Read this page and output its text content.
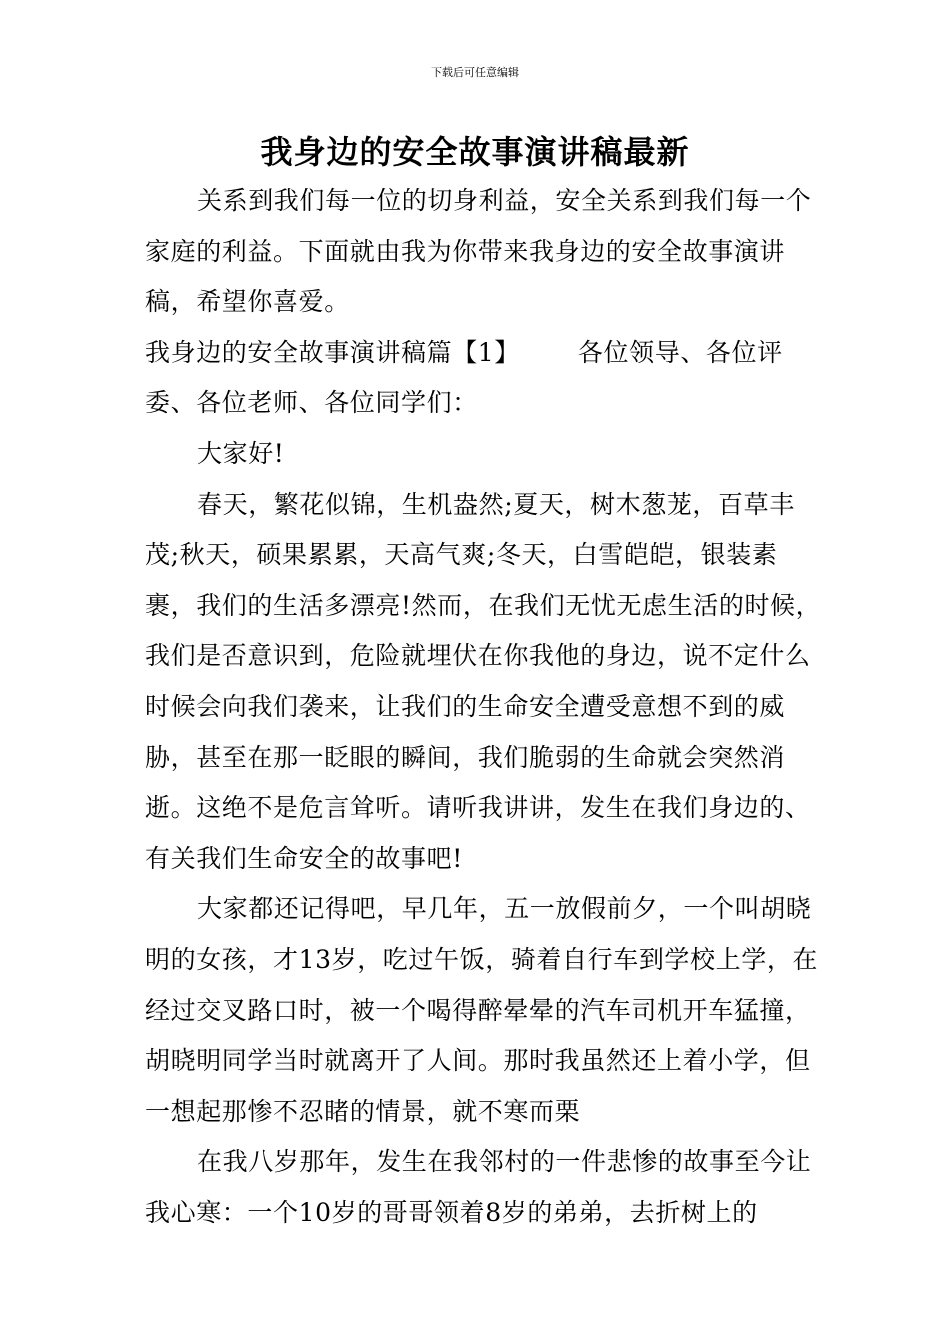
下载后可任意编辑
我身边的安全故事演讲稿最新

关系到我们每一位的切身利益，安全关系到我们每一个家庭的利益。下面就由我为你带来我身边的安全故事演讲稿，希望你喜爱。

我身边的安全故事演讲稿篇【1】 各位领导、各位评委、各位老师、各位同学们：

大家好!

春天，繁花似锦，生机盎然;夏天，树木葱茏，百草丰茂;秋天，硕果累累，天高气爽;冬天，白雪皑皑，银装素裹，我们的生活多漂亮!然而，在我们无忧无虑生活的时候，我们是否意识到，危险就埋伏在你我他的身边，说不定什么时候会向我们袭来，让我们的生命安全遭受意想不到的威胁，甚至在那一眨眼的瞬间，我们脆弱的生命就会突然消逝。这绝不是危言耸听。请听我讲讲，发生在我们身边的、有关我们生命安全的故事吧!

大家都还记得吧，早几年，五一放假前夕，一个叫胡晓明的女孩，才13岁，吃过午饭，骑着自行车到学校上学，在经过交叉路口时，被一个喝得醉晕晕的汽车司机开车猛撞，胡晓明同学当时就离开了人间。那时我虽然还上着小学，但一想起那惨不忍睹的情景，就不寒而栗

在我八岁那年，发生在我邻村的一件悲惨的故事至今让我心寒：一个10岁的哥哥领着8岁的弟弟，去折树上的
